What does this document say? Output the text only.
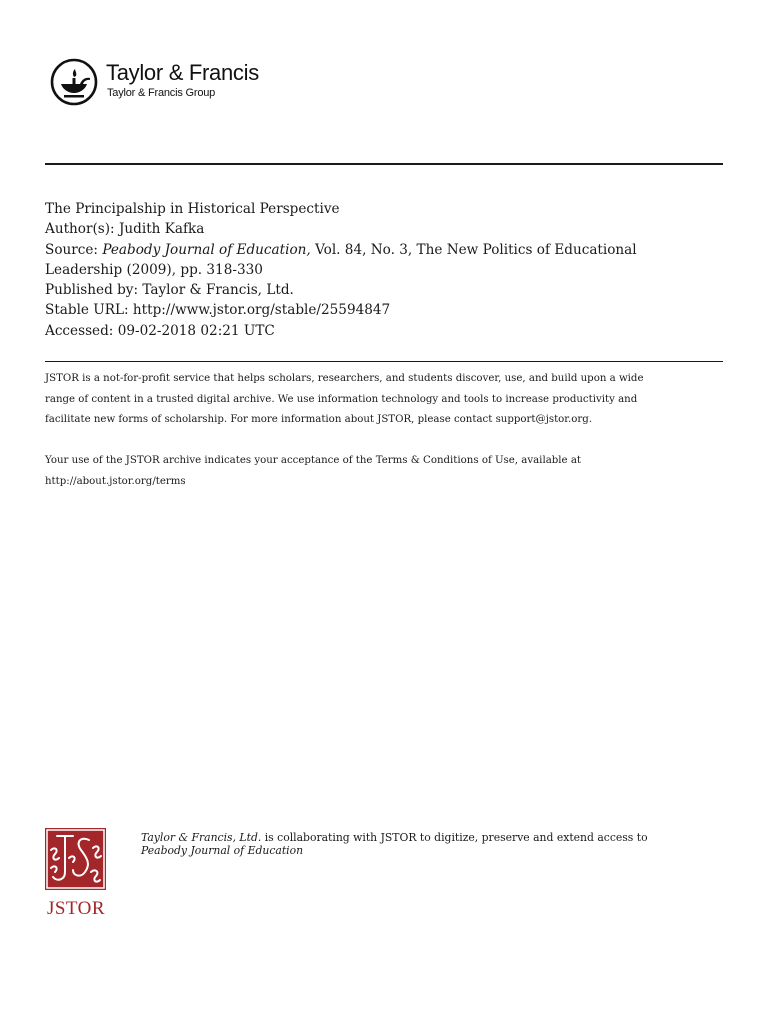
Taylor & Francis
Taylor & Francis Group
The Principalship in Historical Perspective
Author(s): Judith Kafka
Source: Peabody Journal of Education, Vol. 84, No. 3, The New Politics of Educational
Leadership (2009), pp. 318-330
Published by: Taylor & Francis, Ltd.
Stable URL: http://www.jstor.org/stable/25594847
Accessed: 09-02-2018 02:21 UTC
JSTOR is a not-for-profit service that helps scholars, researchers, and students discover, use, and build upon a wide
range of content in a trusted digital archive. We use information technology and tools to increase productivity and
facilitate new forms of scholarship. For more information about JSTOR, please contact support@jstor.org.
Your use of the JSTOR archive indicates your acceptance of the Terms & Conditions of Use, available at
http://about.jstor.org/terms
JSTOR
Taylor & Francis, Ltd. is collaborating with JSTOR to digitize, preserve and extend access to
Peabody Journal of Education
